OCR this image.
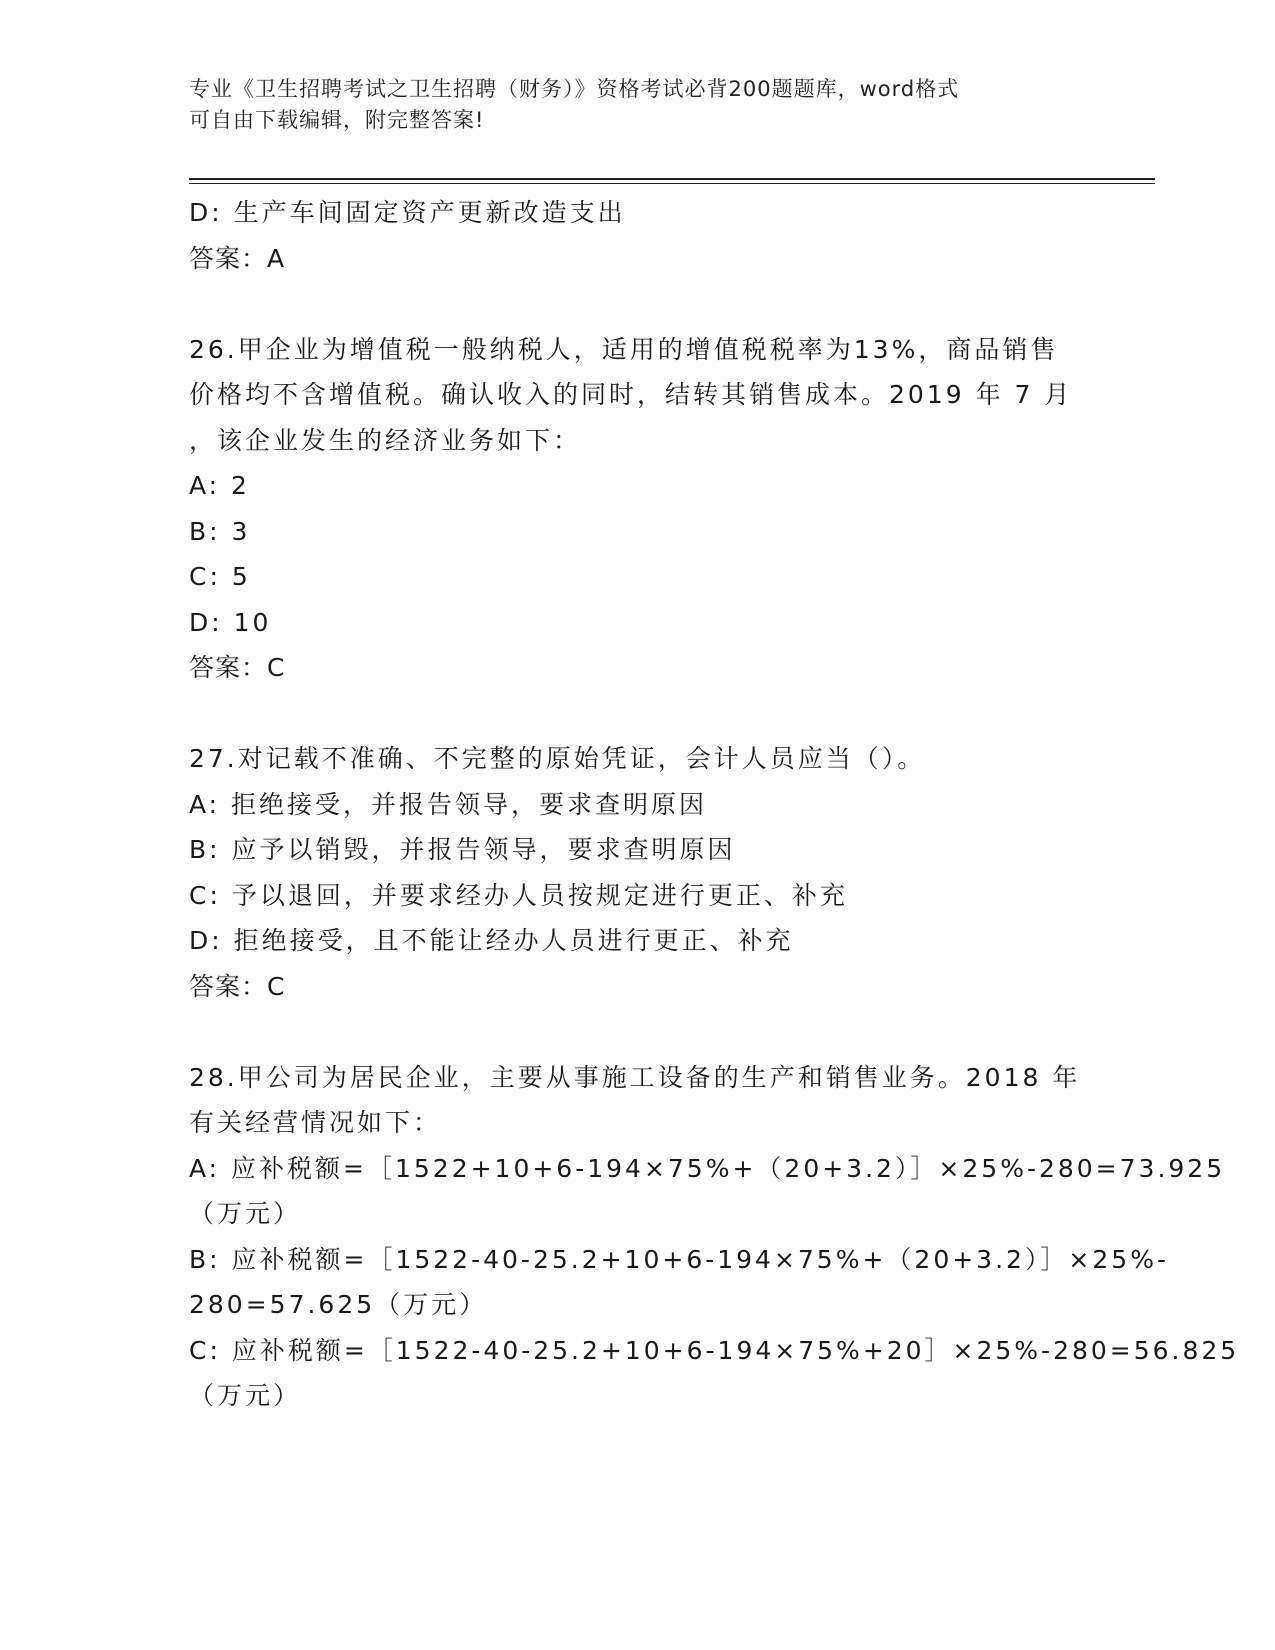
专业《卫生招聘考试之卫生招聘（财务）》资格考试必背200题题库，word格式
可自由下载编辑，附完整答案!
D: 生产车间固定资产更新改造支出
答案：A
26.甲企业为增值税一般纳税人，适用的增值税税率为13%，商品销售
价格均不含增值税。确认收入的同时，结转其销售成本。2019 年 7 月
，该企业发生的经济业务如下：
A: 2
B: 3
C: 5
D: 10
答案：C
27.对记载不准确、不完整的原始凭证，会计人员应当（）。
A: 拒绝接受，并报告领导，要求查明原因
B: 应予以销毁，并报告领导，要求查明原因
C: 予以退回，并要求经办人员按规定进行更正、补充
D: 拒绝接受，且不能让经办人员进行更正、补充
答案：C
28.甲公司为居民企业，主要从事施工设备的生产和销售业务。2018 年
有关经营情况如下：
A: 应补税额=［1522+10+6-194×75%+（20+3.2）］×25%-280=73.925
（万元）
B: 应补税额=［1522-40-25.2+10+6-194×75%+（20+3.2）］×25%-
280=57.625（万元）
C: 应补税额=［1522-40-25.2+10+6-194×75%+20］×25%-280=56.825
（万元）
